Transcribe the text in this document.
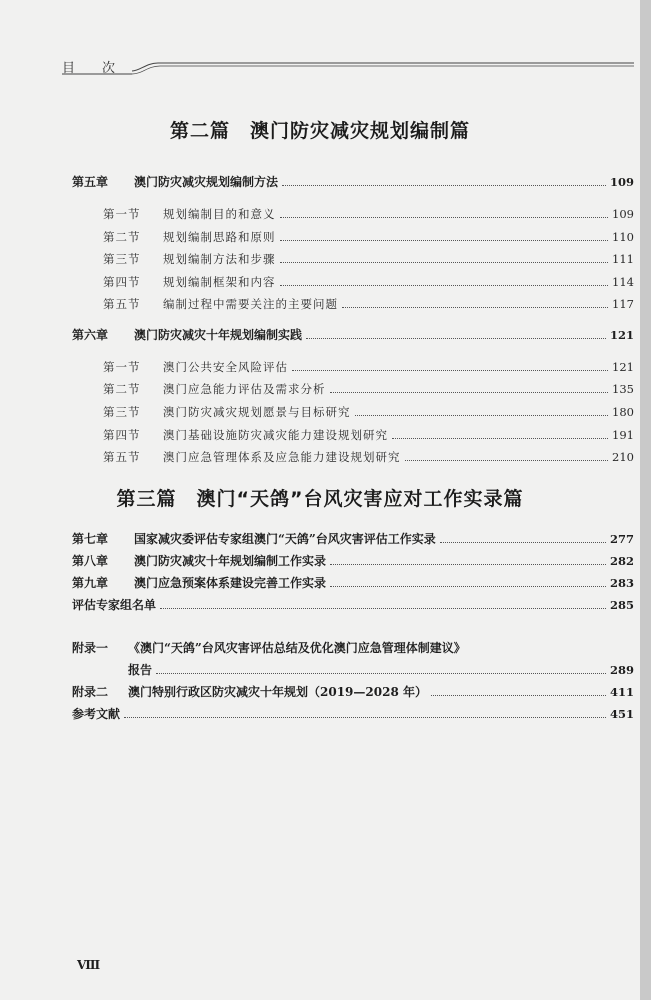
目 次
第二篇　澳门防灾减灾规划编制篇
第五章 澳门防灾减灾规划编制方法	109
第一节 规划编制目的和意义	109
第二节 规划编制思路和原则	110
第三节 规划编制方法和步骤	111
第四节 规划编制框架和内容	114
第五节 编制过程中需要关注的主要问题	117
第六章 澳门防灾减灾十年规划编制实践	121
第一节 澳门公共安全风险评估	121
第二节 澳门应急能力评估及需求分析	135
第三节 澳门防灾减灾规划愿景与目标研究	180
第四节 澳门基础设施防灾减灾能力建设规划研究	191
第五节 澳门应急管理体系及应急能力建设规划研究	210
第三篇　澳门“天鸽”台风灾害应对工作实录篇
第七章 国家减灾委评估专家组澳门“天鸽”台风灾害评估工作实录	277
第八章 澳门防灾减灾十年规划编制工作实录	282
第九章 澳门应急预案体系建设完善工作实录	283
评估专家组名单	285
附录一 《澳门“天鸽”台风灾害评估总结及优化澳门应急管理体制建议》
报告	289
附录二 澳门特别行政区防灾减灾十年规划（2019—2028 年）	411
参考文献	451
VIII
